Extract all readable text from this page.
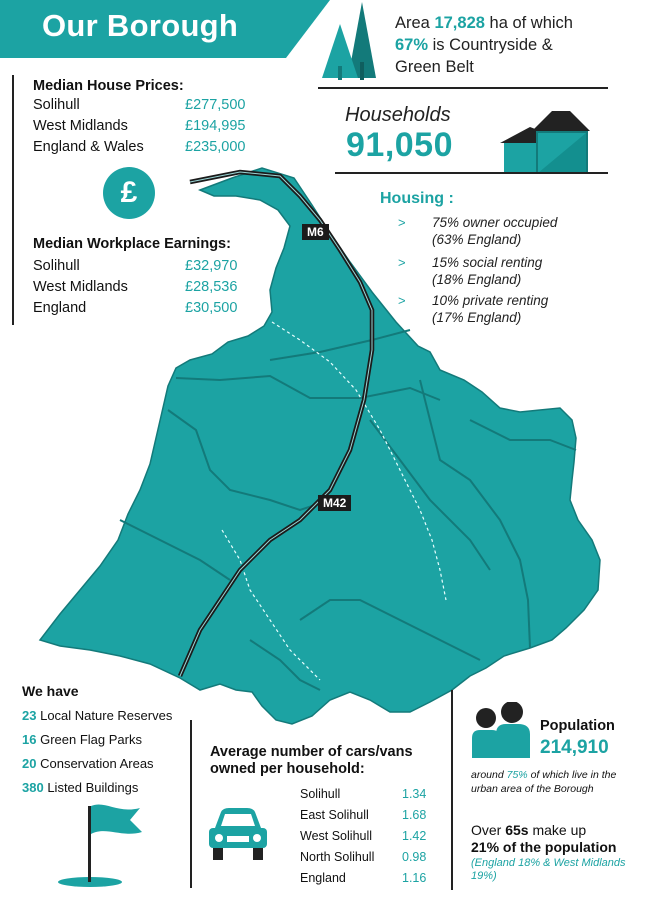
Our Borough	Area 17,828 ha of which
67% is Countryside &
Green Belt
Households
91,050
Median House Prices:
Solihull	£277,500
West Midlands	£194,995
England & Wales	£235,000
£
Median Workplace Earnings:
Solihull	£32,970
West Midlands	£28,536
England	£30,500
M6
M42
Housing :
> 75% owner occupied
(63% England)
> 15% social renting
(18% England)
> 10% private renting
(17% England)
We have
23 Local Nature Reserves
16 Green Flag Parks
20 Conservation Areas
380 Listed Buildings
Average number of cars/vans
owned per household:
Solihull	1.34
East Solihull	1.68
West Solihull 1.42
North Solihull 0.98
England	1.16
Population
214,910
around 75% of which live in the urban area of the Borough
Over 65s make up
21% of the population
(England 18% & West Midlands 19%)
